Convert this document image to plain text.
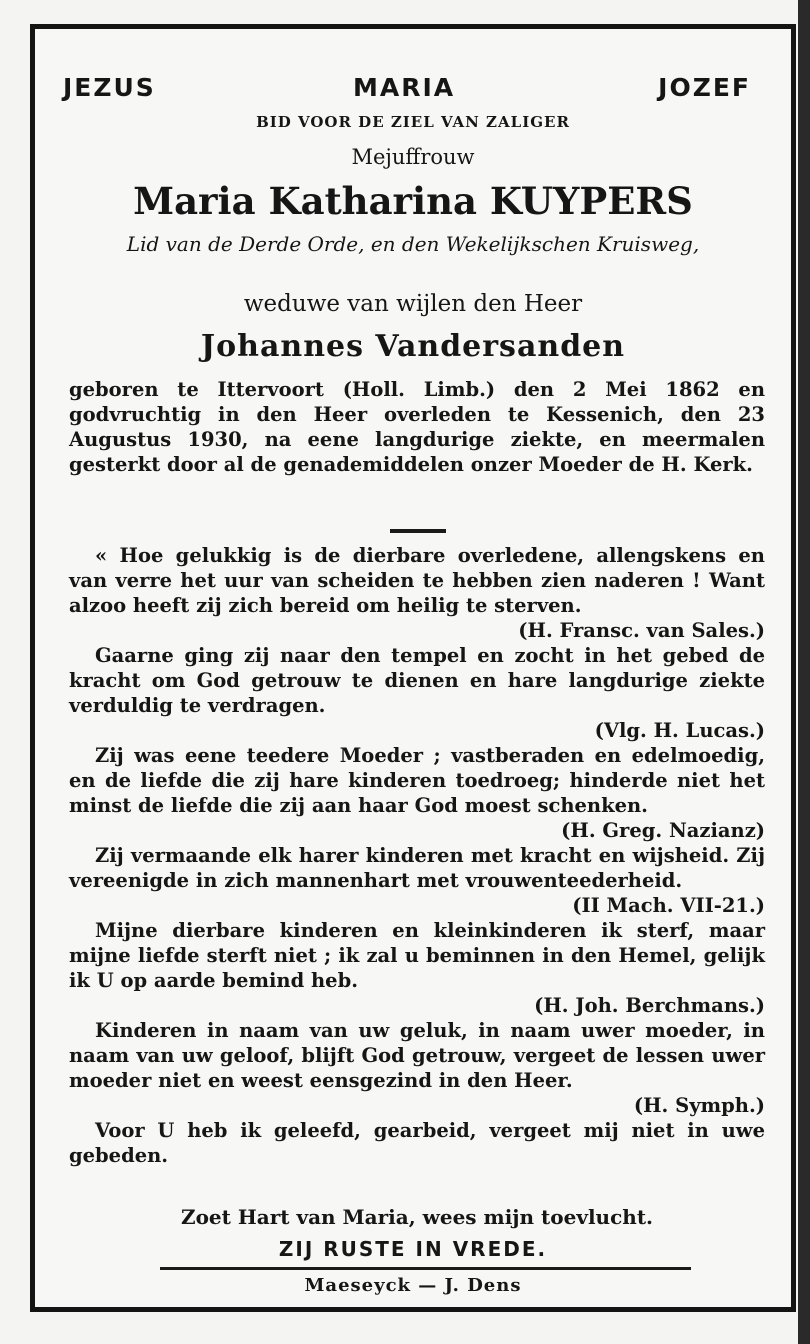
JEZUS	MARIA	JOZEF
BID VOOR DE ZIEL VAN ZALIGER
Mejuffrouw
Maria Katharina KUYPERS
Lid van de Derde Orde, en den Wekelijkschen Kruisweg,
weduwe van wijlen den Heer
Johannes Vandersanden
geboren te Ittervoort (Holl. Limb.) den 2 Mei 1862 en godvruchtig in den Heer overleden te Kessenich, den 23 Augustus 1930, na eene langdurige ziekte, en meermalen gesterkt door al de genademiddelen onzer Moeder de H. Kerk.

« Hoe gelukkig is de dierbare overledene, allengskens en van verre het uur van scheiden te hebben zien naderen ! Want alzoo heeft zij zich bereid om heilig te sterven.
(H. Fransc. van Sales.)

Gaarne ging zij naar den tempel en zocht in het gebed de kracht om God getrouw te dienen en hare langdurige ziekte verduldig te verdragen.
(Vlg. H. Lucas.)

Zij was eene teedere Moeder ; vastberaden en edelmoedig, en de liefde die zij hare kinderen toedroeg; hinderde niet het minst de liefde die zij aan haar God moest schenken.
(H. Greg. Nazianz)

Zij vermaande elk harer kinderen met kracht en wijsheid. Zij vereenigde in zich mannenhart met vrouwenteederheid.
(II Mach. VII-21.)

Mijne dierbare kinderen en kleinkinderen ik sterf, maar mijne liefde sterft niet ; ik zal u beminnen in den Hemel, gelijk ik U op aarde bemind heb.
(H. Joh. Berchmans.)

Kinderen in naam van uw geluk, in naam uwer moeder, in naam van uw geloof, blijft God getrouw, vergeet de lessen uwer moeder niet en weest eensgezind in den Heer.
(H. Symph.)

Voor U heb ik geleefd, gearbeid, vergeet mij niet in uwe gebeden.

Zoet Hart van Maria, wees mijn toevlucht.
ZIJ RUSTE IN VREDE.
Maeseyck — J. Dens
